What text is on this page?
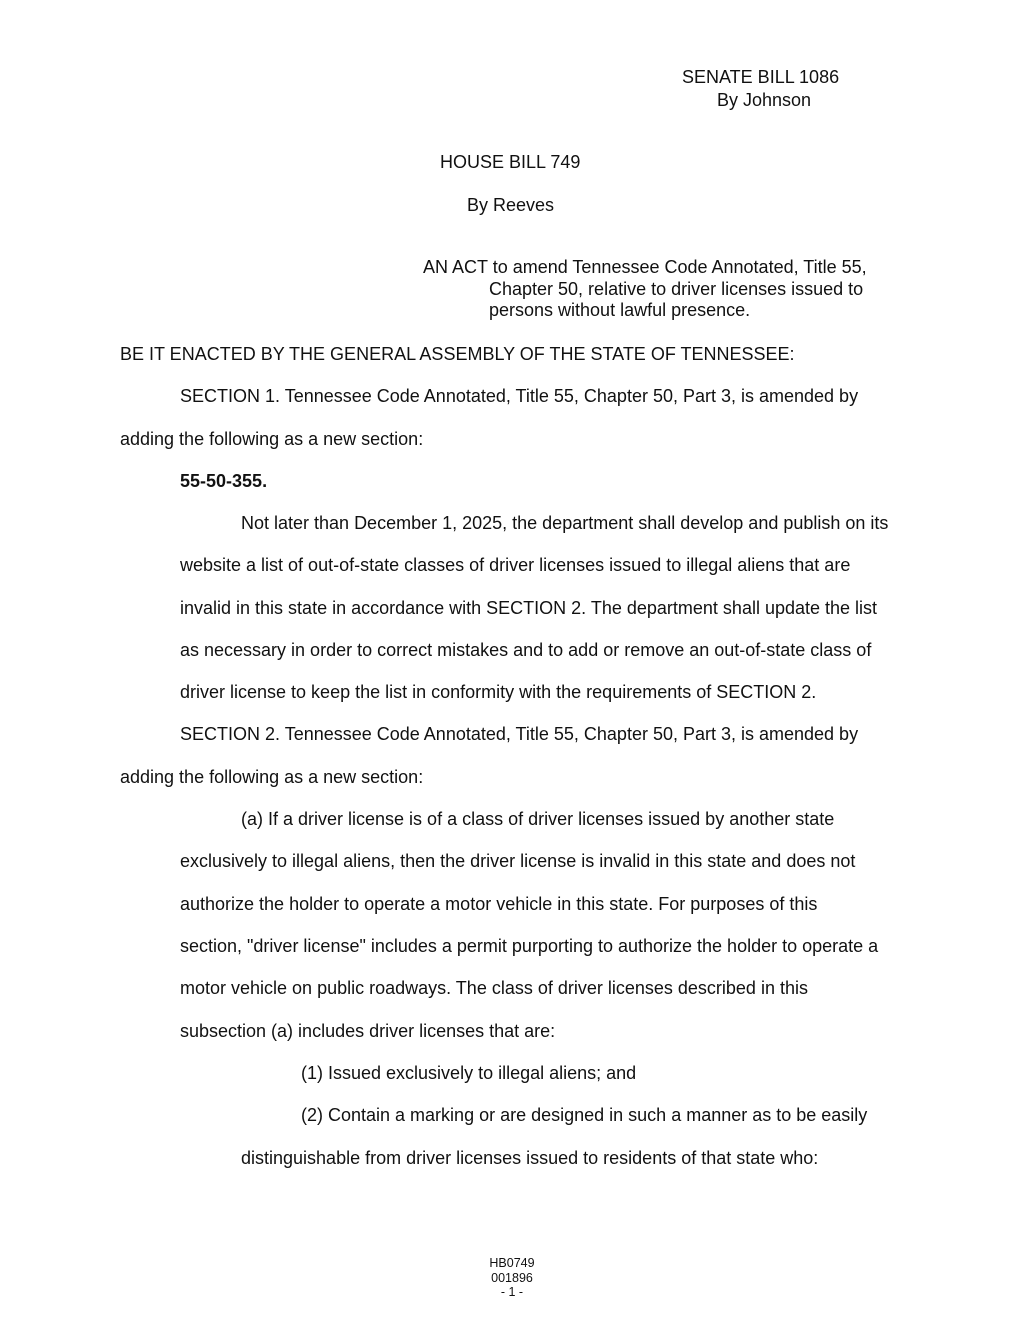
SENATE BILL 1086
By Johnson
HOUSE BILL 749
By Reeves
AN ACT to amend Tennessee Code Annotated, Title 55,
Chapter 50, relative to driver licenses issued to
persons without lawful presence.
BE IT ENACTED BY THE GENERAL ASSEMBLY OF THE STATE OF TENNESSEE:
SECTION 1. Tennessee Code Annotated, Title 55, Chapter 50, Part 3, is amended by
adding the following as a new section:
55-50-355.
Not later than December 1, 2025, the department shall develop and publish on its
website a list of out-of-state classes of driver licenses issued to illegal aliens that are
invalid in this state in accordance with SECTION 2. The department shall update the list
as necessary in order to correct mistakes and to add or remove an out-of-state class of
driver license to keep the list in conformity with the requirements of SECTION 2.
SECTION 2. Tennessee Code Annotated, Title 55, Chapter 50, Part 3, is amended by
adding the following as a new section:
(a) If a driver license is of a class of driver licenses issued by another state
exclusively to illegal aliens, then the driver license is invalid in this state and does not
authorize the holder to operate a motor vehicle in this state. For purposes of this
section, "driver license" includes a permit purporting to authorize the holder to operate a
motor vehicle on public roadways. The class of driver licenses described in this
subsection (a) includes driver licenses that are:
(1) Issued exclusively to illegal aliens; and
(2) Contain a marking or are designed in such a manner as to be easily
distinguishable from driver licenses issued to residents of that state who:
HB0749
001896
- 1 -
